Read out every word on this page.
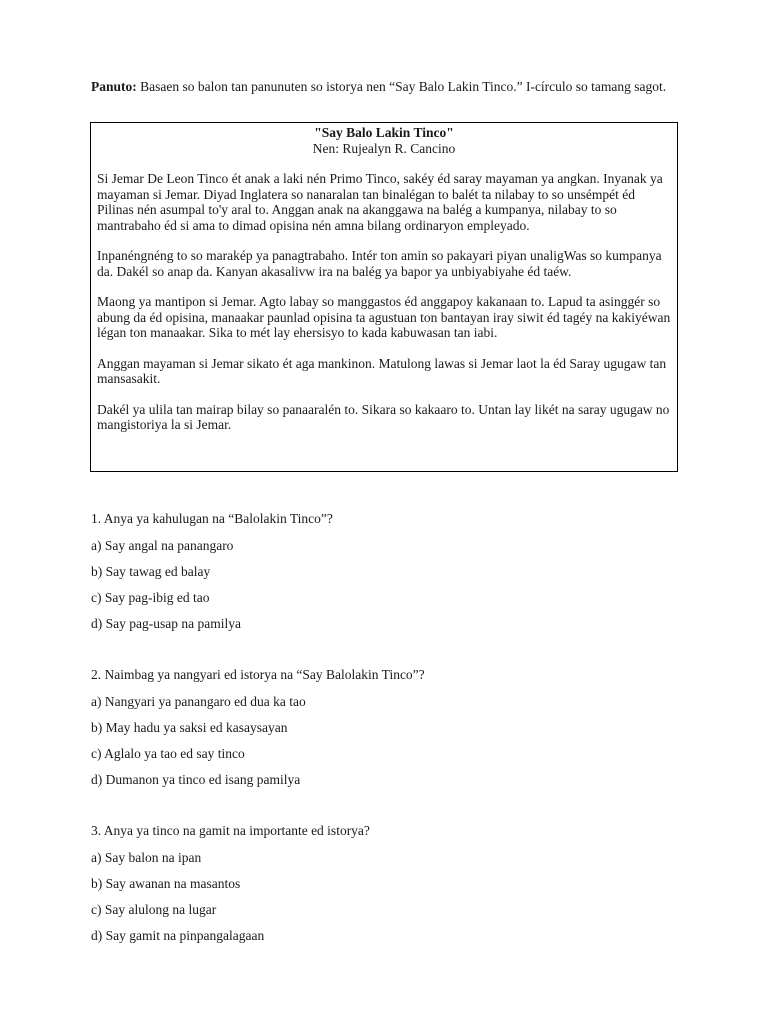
Panuto: Basaen so balon tan panunuten so istorya nen “Say Balo Lakin Tinco.” I-círculo so tamang sagot.
"Say Balo Lakin Tinco"
Nen: Rujealyn R. Cancino
Si Jemar De Leon Tinco ét anak a laki nén Primo Tinco, sakéy éd saray mayaman ya angkan. Inyanak ya mayaman si Jemar. Diyad Inglatera so nanaralan tan binalégan to balét ta nilabay to so unsémpét éd Pilinas nén asumpal to'y aral to. Anggan anak na akanggawa na balég a kumpanya, nilabay to so mantrabaho éd si ama to dimad opisina nén amna bilang ordinaryon empleyado.
Inpanéngnéng to so marakép ya panagtrabaho. Intér ton amin so pakayari piyan unaligWas so kumpanya da. Dakél so anap da. Kanyan akasalivw ira na balég ya bapor ya unbiyabiyahe éd taéw.
Maong ya mantipon si Jemar. Agto labay so manggastos éd anggapoy kakanaan to. Lapud ta asinggér so abung da éd opisina, manaakar paunlad opisina ta agustuan ton bantayan iray siwit éd tagéy na kakiyéwan légan ton manaakar. Sika to mét lay ehersisyo to kada kabuwasan tan iabi.
Anggan mayaman si Jemar sikato ét aga mankinon. Matulong lawas si Jemar laot la éd Saray ugugaw tan mansasakit.
Dakél ya ulila tan mairap bilay so panaaralén to. Sikara so kakaaro to. Untan lay likét na saray ugugaw no mangistoriya la si Jemar.

1. Anya ya kahulugan na “Balolakin Tinco”?

a) Say angal na panangaro

b) Say tawag ed balay

c) Say pag-ibig ed tao

d) Say pag-usap na pamilya

2. Naimbag ya nangyari ed istorya na “Say Balolakin Tinco”?

a) Nangyari ya panangaro ed dua ka tao

b) May hadu ya saksi ed kasaysayan

c) Aglalo ya tao ed say tinco

d) Dumanon ya tinco ed isang pamilya

3. Anya ya tinco na gamit na importante ed istorya?

a) Say balon na ipan

b) Say awanan na masantos

c) Say alulong na lugar

d) Say gamit na pinpangalagaan
